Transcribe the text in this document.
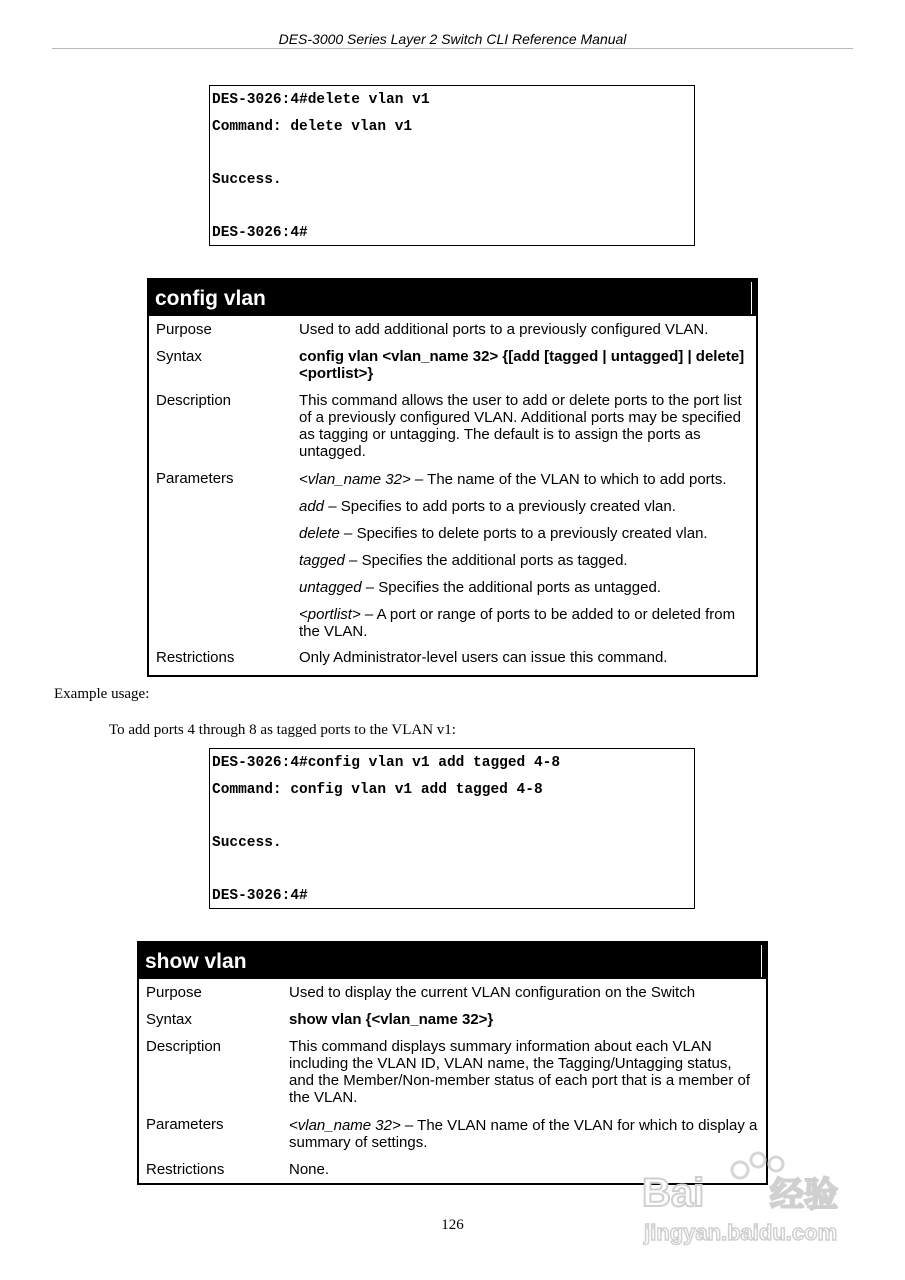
DES-3000 Series Layer 2 Switch CLI Reference Manual
DES-3026:4#delete vlan v1
Command: delete vlan v1
Success.
DES-3026:4#
config vlan
Purpose	Used to add additional ports to a previously configured VLAN.

Syntax	config vlan <vlan_name 32> {[add [tagged | untagged] | delete] <portlist>}

Description	This command allows the user to add or delete ports to the port list of a previously configured VLAN. Additional ports may be specified as tagging or untagging. The default is to assign the ports as untagged.

Parameters	<vlan_name 32> – The name of the VLAN to which to add ports.

add – Specifies to add ports to a previously created vlan.

delete – Specifies to delete ports to a previously created vlan.

tagged – Specifies the additional ports as tagged.

untagged – Specifies the additional ports as untagged.

<portlist> – A port or range of ports to be added to or deleted from the VLAN.

Restrictions	Only Administrator-level users can issue this command.

Example usage:
To add ports 4 through 8 as tagged ports to the VLAN v1:
DES-3026:4#config vlan v1 add tagged 4-8
Command: config vlan v1 add tagged 4-8
Success.
DES-3026:4#
show vlan
Purpose	Used to display the current VLAN configuration on the Switch

Syntax	show vlan {<vlan_name 32>}

Description	This command displays summary information about each VLAN including the VLAN ID, VLAN name, the Tagging/Untagging status, and the Member/Non-member status of each port that is a member of the VLAN.

Parameters	<vlan_name 32> – The VLAN name of the VLAN for which to display a summary of settings.

Restrictions	None.

126
Bai 经验
jingyan.baidu.com
